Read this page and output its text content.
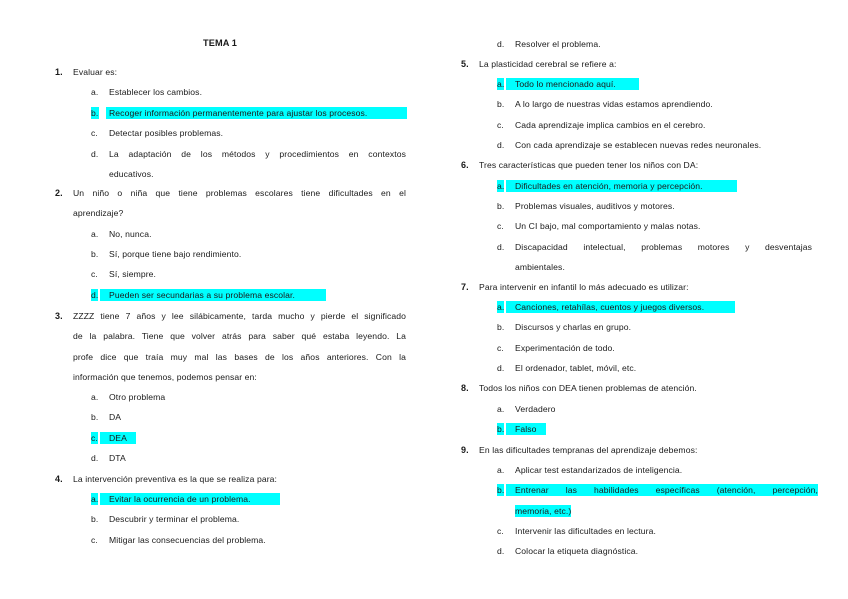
TEMA 1
1. Evaluar es:
a. Establecer los cambios.
b.	Recoger información permanentemente para ajustar los procesos.
c. Detectar posibles problemas.
d. La adaptación de los métodos y procedimientos en contextos
educativos.
2. Un niño o niña que tiene problemas escolares tiene dificultades en el
aprendizaje?
a. No, nunca.
b. Sí, porque tiene bajo rendimiento.
c. Sí, siempre.
d.	Pueden ser secundarias a su problema escolar.
3. ZZZZ tiene 7 años y lee silábicamente, tarda mucho y pierde el significado
de la palabra. Tiene que volver atrás para saber qué estaba leyendo. La
profe dice que traía muy mal las bases de los años anteriores. Con la
información que tenemos, podemos pensar en:
a. Otro problema
b. DA
c.	DEA
d. DTA
4. La intervención preventiva es la que se realiza para:
a.	Evitar la ocurrencia de un problema.
b. Descubrir y terminar el problema.
c. Mitigar las consecuencias del problema.
d. Resolver el problema.
5. La plasticidad cerebral se refiere a:
a.	Todo lo mencionado aquí.
b. A lo largo de nuestras vidas estamos aprendiendo.
c. Cada aprendizaje implica cambios en el cerebro.
d. Con cada aprendizaje se establecen nuevas redes neuronales.
6. Tres características que pueden tener los niños con DA:
a.	Dificultades en atención, memoria y percepción.
b. Problemas visuales, auditivos y motores.
c. Un CI bajo, mal comportamiento y malas notas.
d. Discapacidad intelectual, problemas motores y desventajas
ambientales.
7. Para intervenir en infantil lo más adecuado es utilizar:
a.	Canciones, retahílas, cuentos y juegos diversos.
b. Discursos y charlas en grupo.
c. Experimentación de todo.
d. El ordenador, tablet, móvil, etc.
8. Todos los niños con DEA tienen problemas de atención.
a. Verdadero
b.	Falso
9. En las dificultades tempranas del aprendizaje debemos:
a. Aplicar test estandarizados de inteligencia.
b.	Entrenar las habilidades específicas (atención, percepción,
memoria, etc.)
c. Intervenir las dificultades en lectura.
d. Colocar la etiqueta diagnóstica.
